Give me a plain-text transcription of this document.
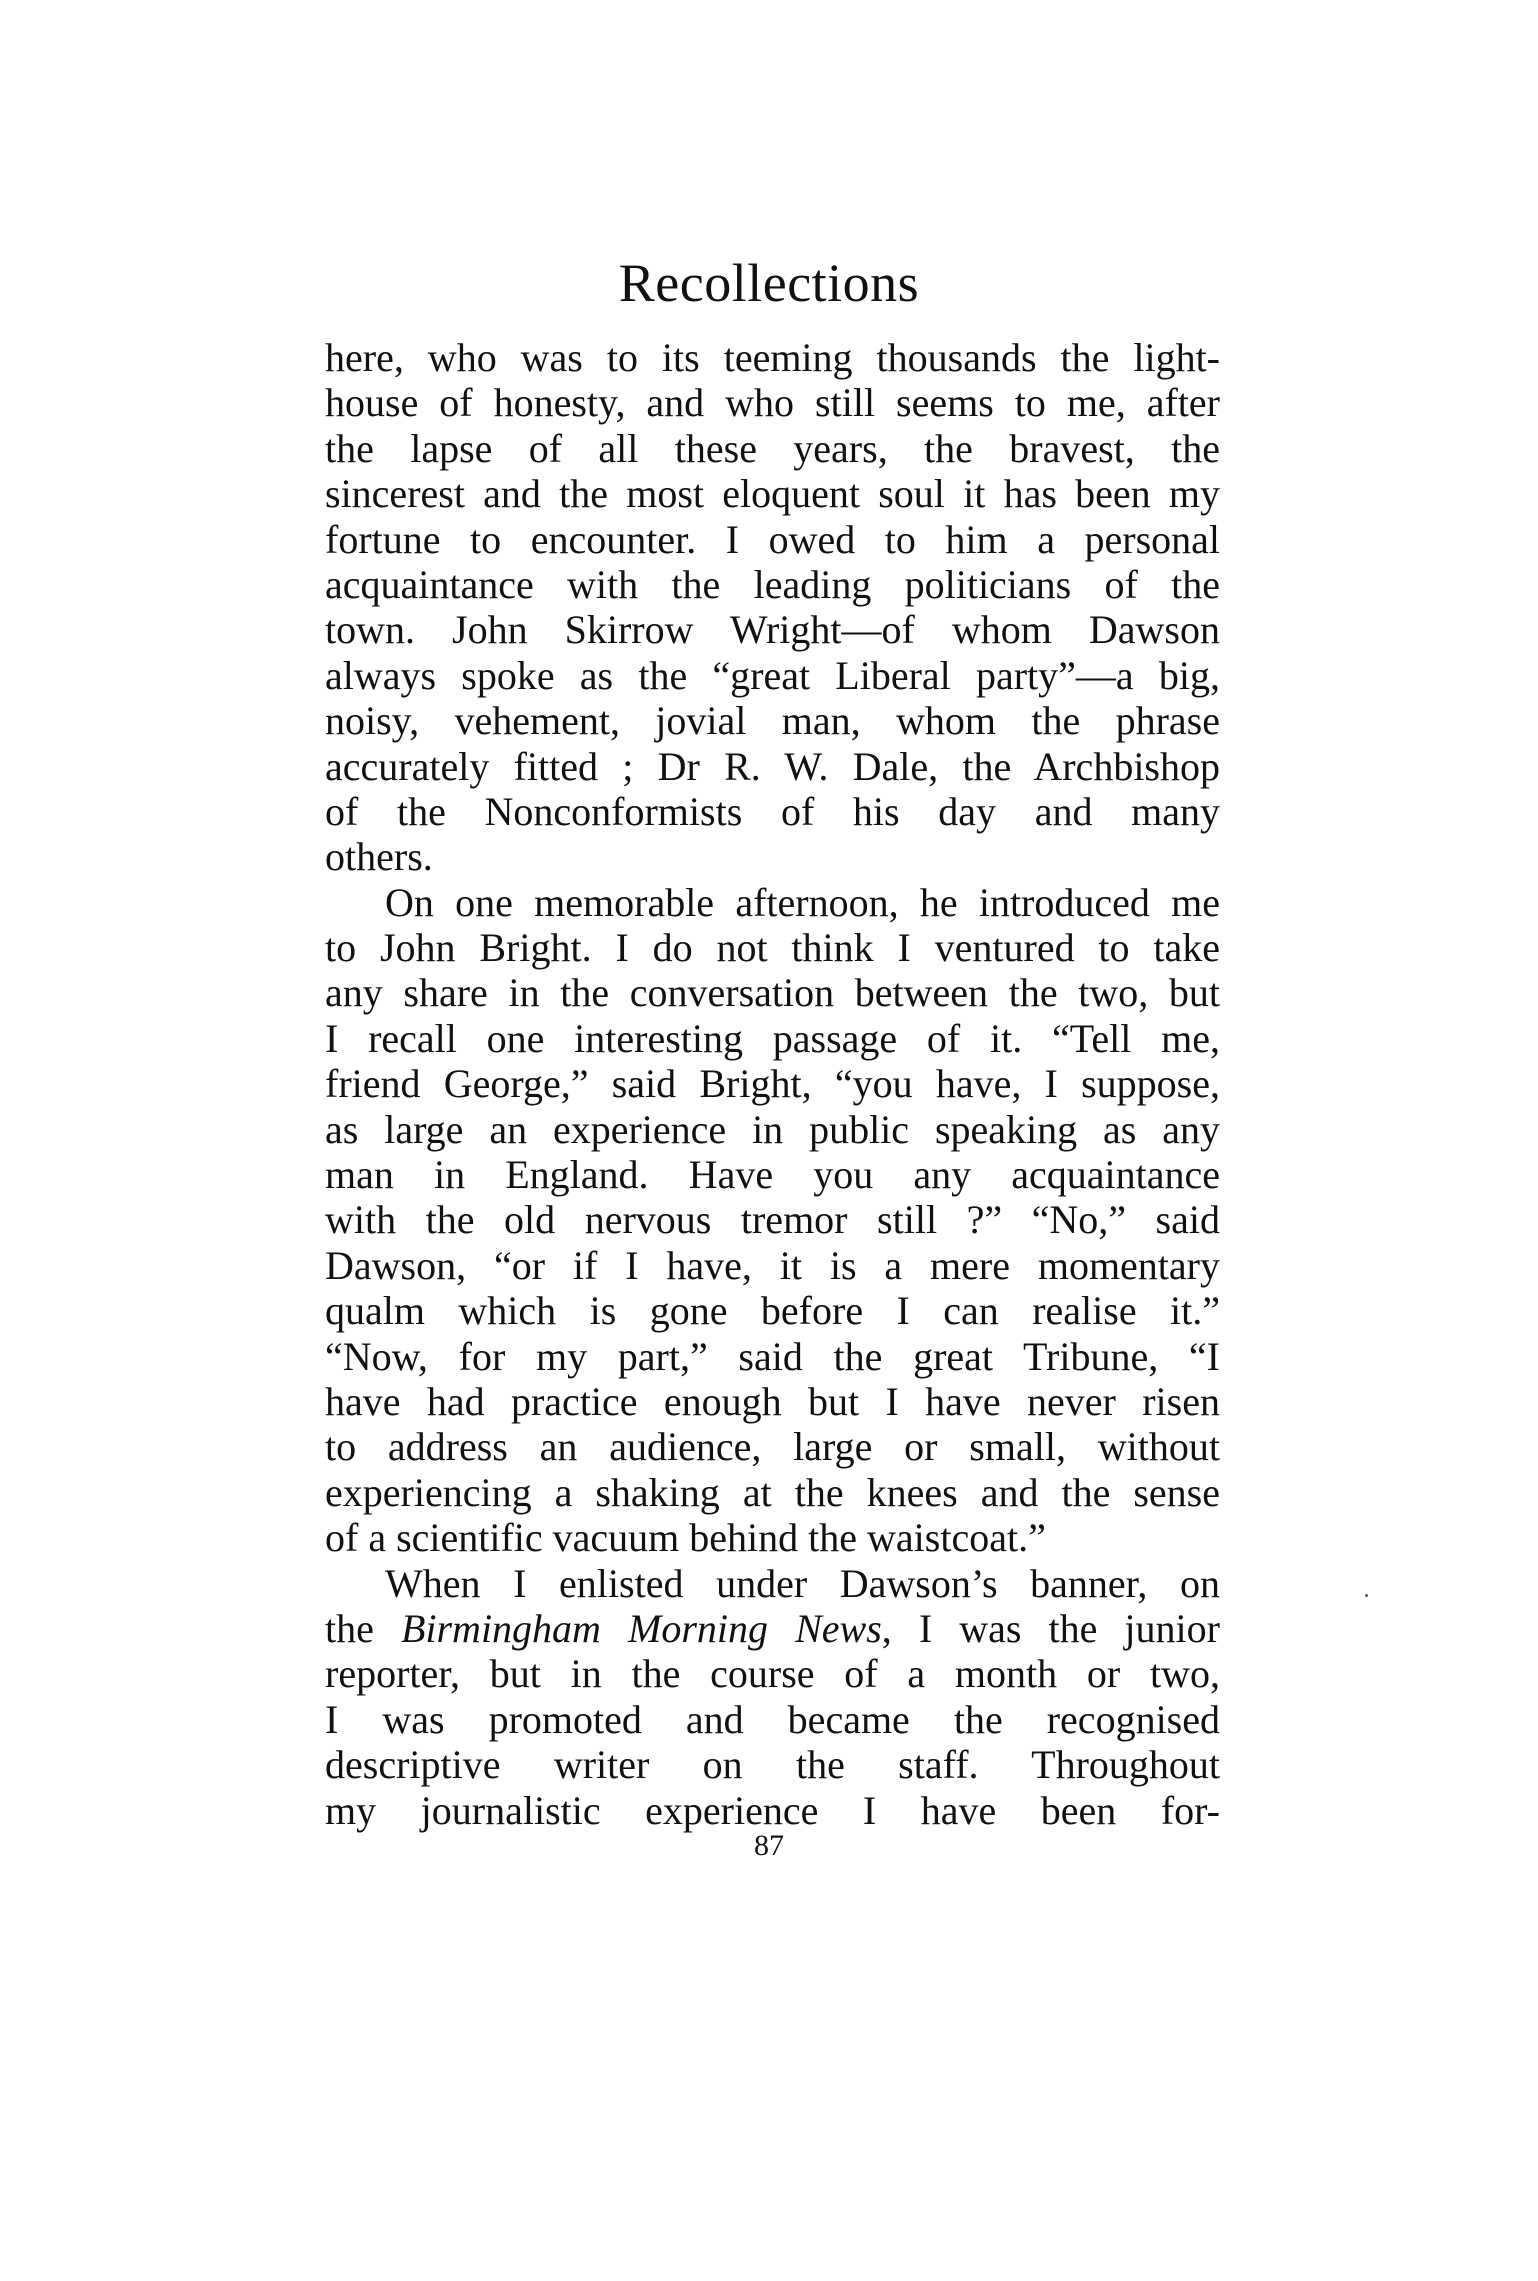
Recollections
here, who was to its teeming thousands the light-
house of honesty, and who still seems to me, after
the lapse of all these years, the bravest, the
sincerest and the most eloquent soul it has been my
fortune to encounter. I owed to him a personal
acquaintance with the leading politicians of the
town. John Skirrow Wright—of whom Dawson
always spoke as the “great Liberal party”—a big,
noisy, vehement, jovial man, whom the phrase
accurately fitted ; Dr R. W. Dale, the Archbishop
of the Nonconformists of his day and many
others.
On one memorable afternoon, he introduced me
to John Bright. I do not think I ventured to take
any share in the conversation between the two, but
I recall one interesting passage of it. “Tell me,
friend George,” said Bright, “you have, I suppose,
as large an experience in public speaking as any
man in England. Have you any acquaintance
with the old nervous tremor still ?” “No,” said
Dawson, “or if I have, it is a mere momentary
qualm which is gone before I can realise it.”
“Now, for my part,” said the great Tribune, “I
have had practice enough but I have never risen
to address an audience, large or small, without
experiencing a shaking at the knees and the sense
of a scientific vacuum behind the waistcoat.”
When I enlisted under Dawson’s banner, on
the Birmingham Morning News, I was the junior
reporter, but in the course of a month or two,
I was promoted and became the recognised
descriptive writer on the staff. Throughout
my journalistic experience I have been for-
87
